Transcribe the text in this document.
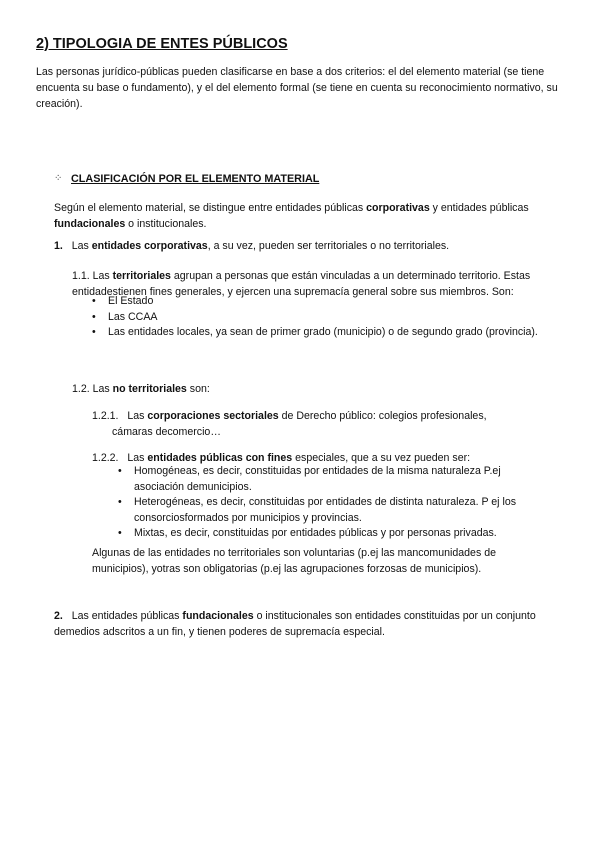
2) TIPOLOGIA DE ENTES PÚBLICOS
Las personas jurídico-públicas pueden clasificarse en base a dos criterios: el del elemento material (se tiene encuenta su base o fundamento), y el del elemento formal (se tiene en cuenta su reconocimiento normativo, su creación).
⁘ CLASIFICACIÓN POR EL ELEMENTO MATERIAL
Según el elemento material, se distingue entre entidades públicas corporativas y entidades públicas fundacionales o institucionales.
1. Las entidades corporativas, a su vez, pueden ser territoriales o no territoriales.
1.1. Las territoriales agrupan a personas que están vinculadas a un determinado territorio. Estas entidadestienen fines generales, y ejercen una supremacía general sobre sus miembros. Son:
• El Estado
• Las CCAA
• Las entidades locales, ya sean de primer grado (municipio) o de segundo grado (provincia).
1.2. Las no territoriales son:
1.2.1.   Las corporaciones sectoriales de Derecho público: colegios profesionales,
cámaras decomercio…
1.2.2.   Las entidades públicas con fines especiales, que a su vez pueden ser:
• Homogéneas, es decir, constituidas por entidades de la misma naturaleza P.ej asociación demunicipios.
• Heterogéneas, es decir, constituidas por entidades de distinta naturaleza. P ej los consorciosformados por municipios y provincias.
• Mixtas, es decir, constituidas por entidades públicas y por personas privadas.
Algunas de las entidades no territoriales son voluntarias (p.ej las mancomunidades de municipios), yotras son obligatorias (p.ej las agrupaciones forzosas de municipios).
2. Las entidades públicas fundacionales o institucionales son entidades constituidas por un conjunto demedios adscritos a un fin, y tienen poderes de supremacía especial.
